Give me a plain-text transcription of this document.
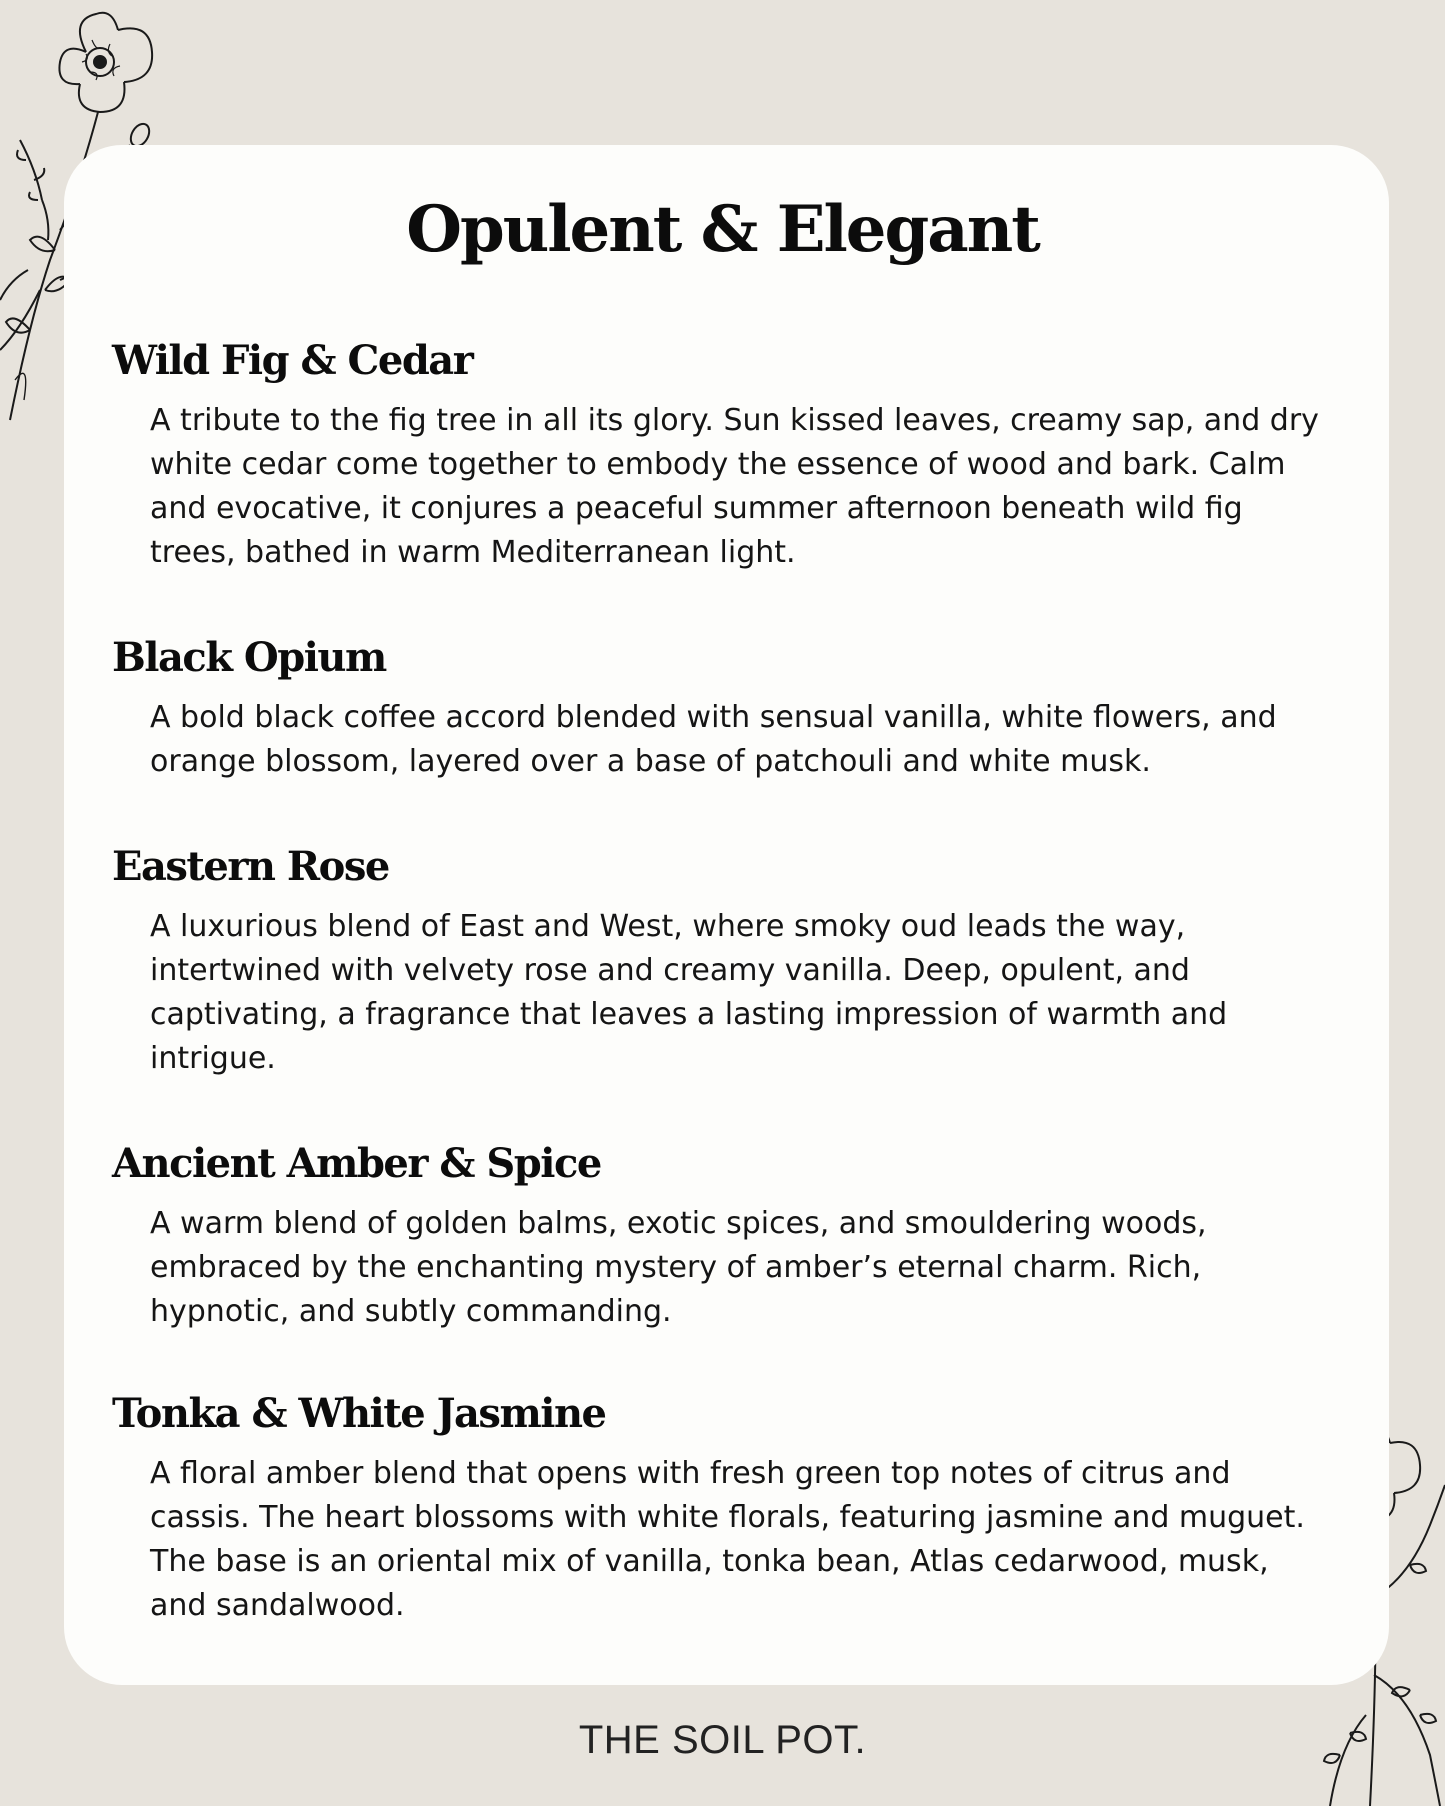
Opulent & Elegant
Wild Fig & Cedar

A tribute to the fig tree in all its glory. Sun kissed leaves, creamy sap, and dry white cedar come together to embody the essence of wood and bark. Calm and evocative, it conjures a peaceful summer afternoon beneath wild fig trees, bathed in warm Mediterranean light.

Black Opium

A bold black coffee accord blended with sensual vanilla, white flowers, and orange blossom, layered over a base of patchouli and white musk.

Eastern Rose

A luxurious blend of East and West, where smoky oud leads the way, intertwined with velvety rose and creamy vanilla. Deep, opulent, and captivating, a fragrance that leaves a lasting impression of warmth and intrigue.

Ancient Amber & Spice

A warm blend of golden balms, exotic spices, and smouldering woods, embraced by the enchanting mystery of amber’s eternal charm. Rich, hypnotic, and subtly commanding.

Tonka & White Jasmine

A floral amber blend that opens with fresh green top notes of citrus and cassis. The heart blossoms with white florals, featuring jasmine and muguet. The base is an oriental mix of vanilla, tonka bean, Atlas cedarwood, musk, and sandalwood.

THE SOIL POT.
